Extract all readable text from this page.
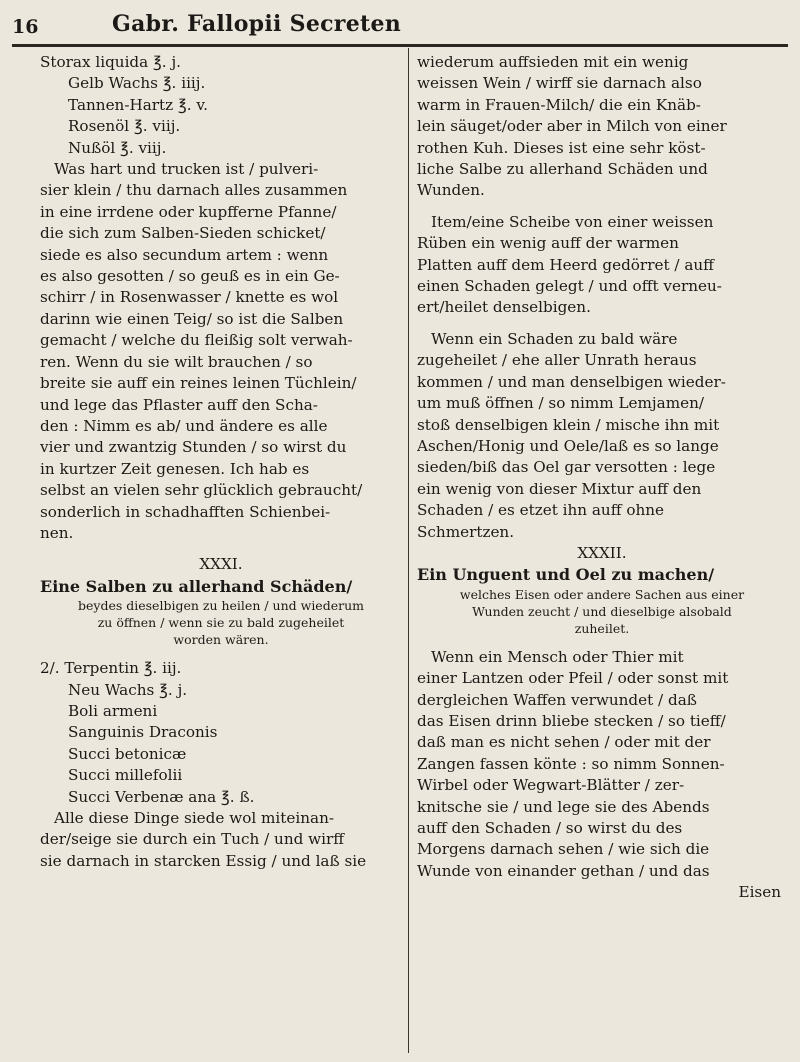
16	Gabr. Fallopii Secreten
Storax liquida ℥. j.
Gelb Wachs ℥. iiij.
Tannen-Hartz ℥. v.
Rosenöl ℥. viij.
Nußöl ℥. viij.
Was hart und trucken ist / pulveri-
sier klein / thu darnach alles zusammen
in eine irrdene oder kupfferne Pfanne/
die sich zum Salben-Sieden schicket/
siede es also secundum artem : wenn
es also gesotten / so geuß es in ein Ge-
schirr / in Rosenwasser / knette es wol
darinn wie einen Teig/ so ist die Salben
gemacht / welche du fleißig solt verwah-
ren. Wenn du sie wilt brauchen / so
breite sie auff ein reines leinen Tüchlein/
und lege das Pflaster auff den Scha-
den : Nimm es ab/ und ändere es alle
vier und zwantzig Stunden / so wirst du
in kurtzer Zeit genesen. Ich hab es
selbst an vielen sehr glücklich gebraucht/
sonderlich in schadhafften Schienbei-
nen.
XXXI.
Eine Salben zu allerhand Schäden/
beydes dieselbigen zu heilen / und wiederum
zu öffnen / wenn sie zu bald zugeheilet
worden wären.
2/. Terpentin ℥. iij.
Neu Wachs ℥. j.
Boli armeni
Sanguinis Draconis
Succi betonicæ
Succi millefolii
Succi Verbenæ ana ℥. ß.
Alle diese Dinge siede wol miteinan-
der/seige sie durch ein Tuch / und wirff
sie darnach in starcken Essig / und laß sie
wiederum auffsieden mit ein wenig
weissen Wein / wirff sie darnach also
warm in Frauen-Milch/ die ein Knäb-
lein säuget/oder aber in Milch von einer
rothen Kuh. Dieses ist eine sehr köst-
liche Salbe zu allerhand Schäden und
Wunden.
Item/eine Scheibe von einer weissen
Rüben ein wenig auff der warmen
Platten auff dem Heerd gedörret / auff
einen Schaden gelegt / und offt verneu-
ert/heilet denselbigen.
Wenn ein Schaden zu bald wäre
zugeheilet / ehe aller Unrath heraus
kommen / und man denselbigen wieder-
um muß öffnen / so nimm Lemjamen/
stoß denselbigen klein / mische ihn mit
Aschen/Honig und Oele/laß es so lange
sieden/biß das Oel gar versotten : lege
ein wenig von dieser Mixtur auff den
Schaden / es etzet ihn auff ohne
Schmertzen.
XXXII.
Ein Unguent und Oel zu machen/
welches Eisen oder andere Sachen aus einer
Wunden zeucht / und dieselbige alsobald
zuheilet.
Wenn ein Mensch oder Thier mit
einer Lantzen oder Pfeil / oder sonst mit
dergleichen Waffen verwundet / daß
das Eisen drinn bliebe stecken / so tieff/
daß man es nicht sehen / oder mit der
Zangen fassen könte : so nimm Sonnen-
Wirbel oder Wegwart-Blätter / zer-
knitsche sie / und lege sie des Abends
auff den Schaden / so wirst du des
Morgens darnach sehen / wie sich die
Wunde von einander gethan / und das
Eisen
